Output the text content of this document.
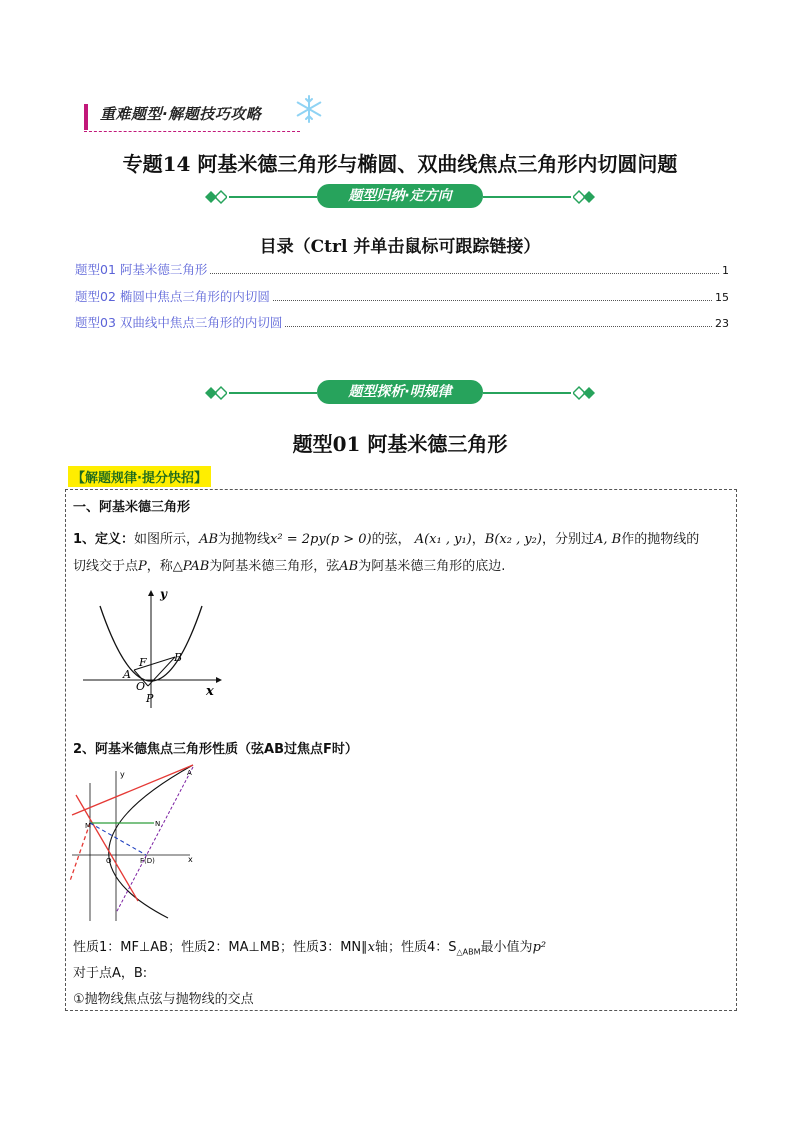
重难题型·解题技巧攻略
专题14 阿基米德三角形与椭圆、双曲线焦点三角形内切圆问题
题型归纳·定方向
目录（Ctrl 并单击鼠标可跟踪链接）
题型01 阿基米德三角形	1
题型02 椭圆中焦点三角形的内切圆	15
题型03 双曲线中焦点三角形的内切圆	23
题型探析·明规律
题型01 阿基米德三角形
【解题规律·提分快招】
一、阿基米德三角形
1、定义：如图所示，AB为抛物线x² = 2py(p > 0)的弦， A(x₁ , y₁)，B(x₂ , y₂)，分别过A, B作的抛物线的
切线交于点P，称△PAB为阿基米德三角形，弦AB为阿基米德三角形的底边.
y
x
F B
A
O
P
2、阿基米德焦点三角形性质（弦AB过焦点F时）
y
x
A
M	N
O	F(D)
性质1：MF⊥AB；性质2：MA⊥MB；性质3：MN∥x轴；性质4：$S_{\triangle ABM}$最小值为p²
对于点A，B:
①抛物线焦点弦与抛物线的交点
